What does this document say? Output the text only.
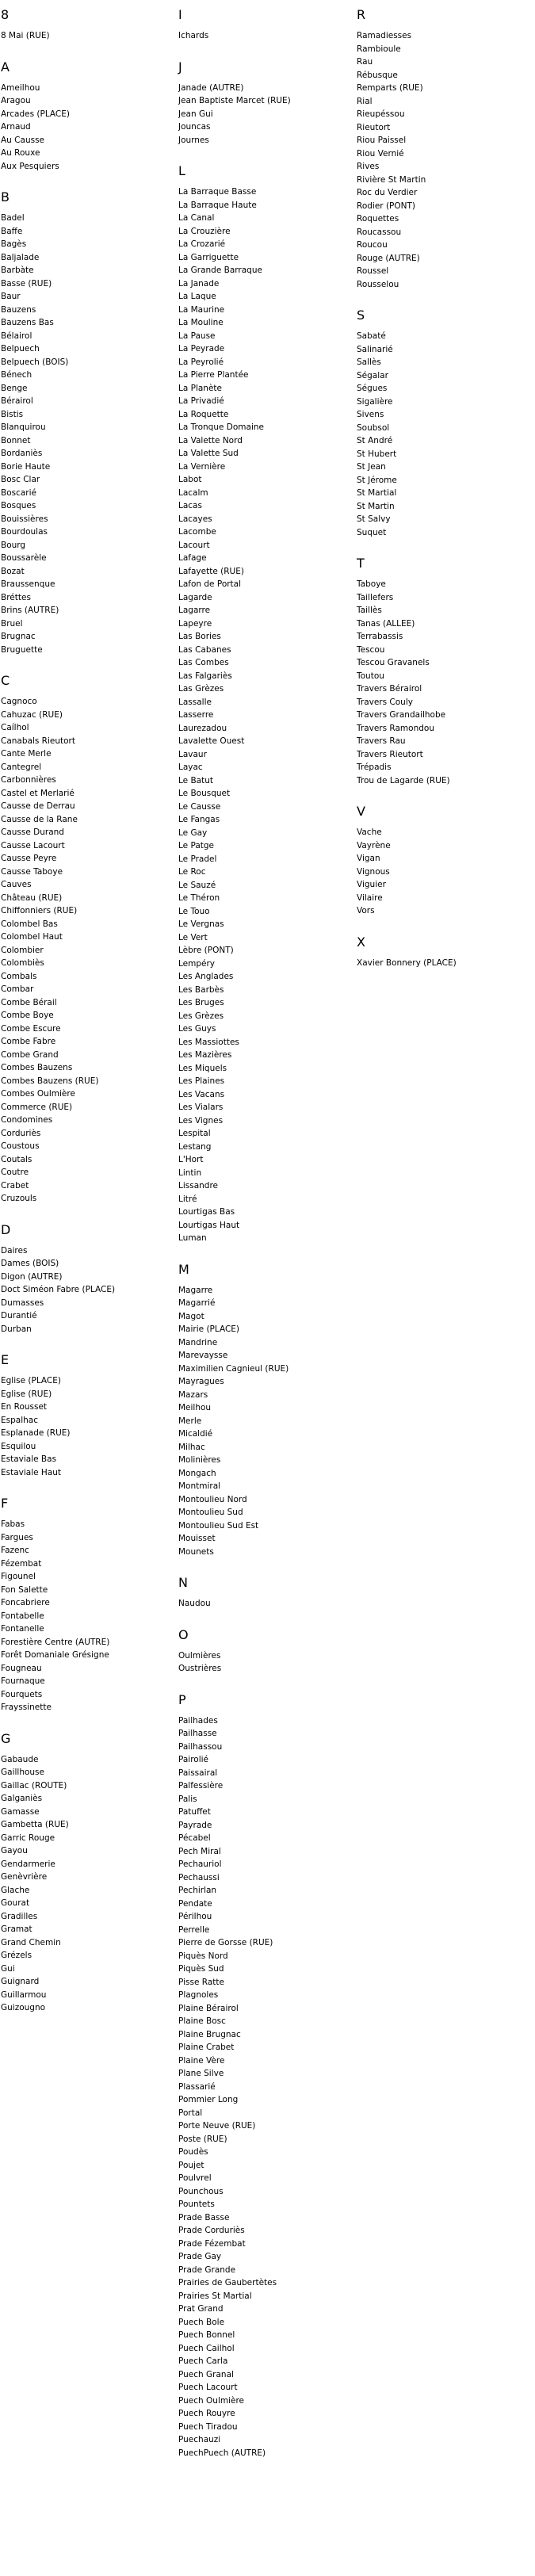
8
8 Mai (RUE)
A
Ameilhou
Aragou
Arcades (PLACE)
Arnaud
Au Causse
Au Rouxe
Aux Pesquiers
B
Badel
Baffe
Bagès
Baljalade
Barbàte
Basse (RUE)
Baur
Bauzens
Bauzens Bas
Bélairol
Belpuech
Belpuech (BOIS)
Bénech
Benge
Bérairol
Bistis
Blanquirou
Bonnet
Bordaniès
Borie Haute
Bosc Clar
Boscarié
Bosques
Bouissières
Bourdoulas
Bourg
Boussarèle
Bozat
Braussenque
Bréttes
Brins (AUTRE)
Bruel
Brugnac
Bruguette
C
Cagnoco
Cahuzac (RUE)
Caílhol
Canabals Rieutort
Cante Merle
Cantegrel
Carbonnières
Castel et Merlarié
Causse de Derrau
Causse de la Rane
Causse Durand
Causse Lacourt
Causse Peyre
Causse Taboye
Cauves
Château (RUE)
Chiffonniers (RUE)
Colombel Bas
Colombel Haut
Colombier
Colombiès
Combals
Combar
Combe Bérail
Combe Boye
Combe Escure
Combe Fabre
Combe Grand
Combes Bauzens
Combes Bauzens (RUE)
Combes Oulmière
Commerce (RUE)
Condomines
Corduriès
Coustous
Coutals
Coutre
Crabet
Cruzouls
D
Daires
Dames (BOIS)
Digon (AUTRE)
Doct Siméon Fabre (PLACE)
Dumasses
Durantié
Durban
E
Eglise (PLACE)
Eglise (RUE)
En Rousset
Espalhac
Esplanade (RUE)
Esquilou
Estaviale Bas
Estaviale Haut
F
Fabas
Fargues
Fazenc
Fézembat
Figounel
Fon Salette
Foncabriere
Fontabelle
Fontanelle
Forestière Centre (AUTRE)
Forêt Domaniale Grésigne
Fougneau
Fournaque
Fourquets
Frayssinette
G
Gabaude
Gaillhouse
Gaillac (ROUTE)
Galganiès
Gamasse
Gambetta (RUE)
Garric Rouge
Gayou
Gendarmerie
Genèvrière
Glache
Gourat
Gradilles
Gramat
Grand Chemin
Grézels
Gui
Guignard
Guillarmou
Guizougno
I
Ichards
J
Janade (AUTRE)
Jean Baptiste Marcet (RUE)
Jean Gui
Jouncas
Journes
L
La Barraque Basse
La Barraque Haute
La Canal
La Crouzière
La Crozarié
La Garriguette
La Grande Barraque
La Janade
La Laque
La Maurine
La Mouline
La Pause
La Peyrade
La Peyrolié
La Pierre Plantée
La Planète
La Privadié
La Roquette
La Tronque Domaine
La Valette Nord
La Valette Sud
La Vernière
Labot
Lacalm
Lacas
Lacayes
Lacombe
Lacourt
Lafage
Lafayette (RUE)
Lafon de Portal
Lagarde
Lagarre
Lapeyre
Las Bories
Las Cabanes
Las Combes
Las Falgariès
Las Grèzes
Lassalle
Lasserre
Laurezadou
Lavalette Ouest
Lavaur
Layac
Le Batut
Le Bousquet
Le Causse
Le Fangas
Le Gay
Le Patge
Le Pradel
Le Roc
Le Sauzé
Le Théron
Le Touo
Le Vergnas
Le Vert
Lèbre (PONT)
Lempéry
Les Anglades
Les Barbès
Les Bruges
Les Grèzes
Les Guys
Les Massiottes
Les Mazières
Les Miquels
Les Plaines
Les Vacans
Les Vialars
Les Vignes
Lespital
Lestang
L'Hort
Lintin
Lissandre
Litré
Lourtigas Bas
Lourtigas Haut
Luman
M
Magarre
Magarrié
Magot
Mairie (PLACE)
Mandrine
Marevaysse
Maximilien Cagnieul (RUE)
Mayragues
Mazars
Meilhou
Merle
Micaldié
Milhac
Molinières
Mongach
Montmiral
Montoulieu Nord
Montoulieu Sud
Montoulieu Sud Est
Mouisset
Mounets
N
Naudou
O
Oulmières
Oustrières
P
Pailhades
Pailhasse
Pailhassou
Pairolié
Paissairal
Palfessière
Palis
Patuffet
Payrade
Pécabel
Pech Miral
Pechauriol
Pechaussi
Pechirlan
Pendate
Périlhou
Perrelle
Pierre de Gorsse (RUE)
Piquès Nord
Piquès Sud
Pisse Ratte
Plagnoles
Plaine Bérairol
Plaine Bosc
Plaine Brugnac
Plaine Crabet
Plaine Vère
Plane Silve
Plassarié
Pommier Long
Portal
Porte Neuve (RUE)
Poste (RUE)
Poudès
Poujet
Poulvrel
Pounchous
Pountets
Prade Basse
Prade Corduriès
Prade Fézembat
Prade Gay
Prade Grande
Prairies de Gaubertètes
Prairies St Martial
Prat Grand
Puech Bole
Puech Bonnel
Puech Cailhol
Puech Carla
Puech Granal
Puech Lacourt
Puech Oulmière
Puech Rouyre
Puech Tiradou
Puechauzi
PuechPuech (AUTRE)
R
Ramadiesses
Rambioule
Rau
Rébusque
Remparts (RUE)
Rial
Rieupéssou
Rieutort
Riou Paissel
Riou Vernié
Rives
Rivière St Martin
Roc du Verdier
Rodier (PONT)
Roquettes
Roucassou
Roucou
Rouge (AUTRE)
Roussel
Rousselou
S
Sabaté
Salinarié
Sallès
Ségalar
Ségues
Sigalière
Sivens
Soubsol
St André
St Hubert
St Jean
St Jérome
St Martial
St Martin
St Salvy
Suquet
T
Taboye
Taillefers
Taillès
Tanas (ALLEE)
Terrabassis
Tescou
Tescou Gravanels
Toutou
Travers Bérairol
Travers Couly
Travers Grandailhobe
Travers Ramondou
Travers Rau
Travers Rieutort
Trépadis
Trou de Lagarde (RUE)
V
Vache
Vayrène
Vigan
Vignous
Viguier
Vilaire
Vors
X
Xavier Bonnery (PLACE)
